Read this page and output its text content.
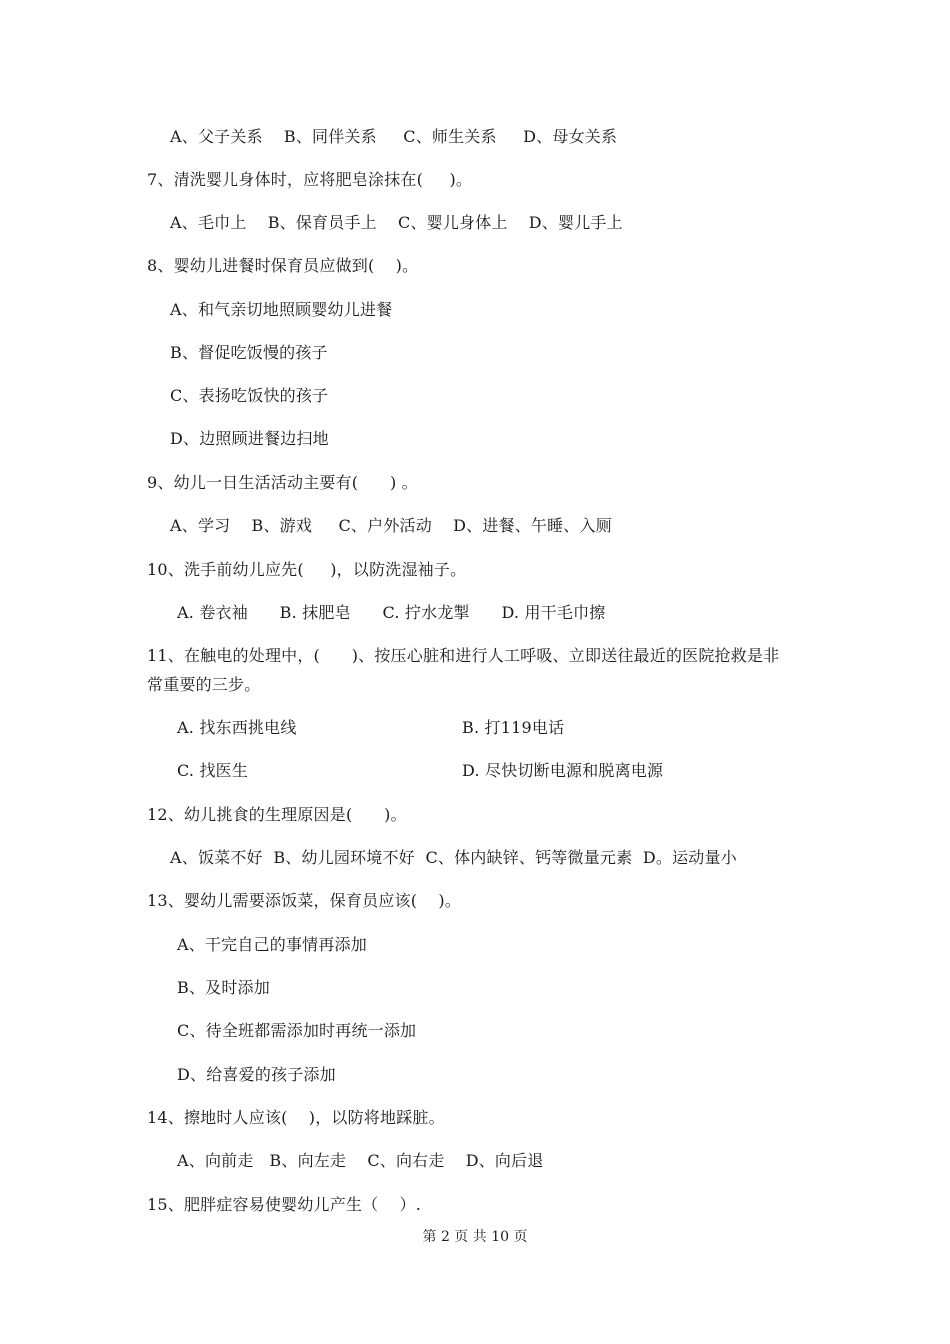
A、父子关系    B、同伴关系     C、师生关系     D、母女关系
7、清洗婴儿身体时，应将肥皂涂抹在(     )。
A、毛巾上    B、保育员手上    C、婴儿身体上    D、婴儿手上
8、婴幼儿进餐时保育员应做到(    )。
A、和气亲切地照顾婴幼儿进餐
B、督促吃饭慢的孩子
C、表扬吃饭快的孩子
D、边照顾进餐边扫地
9、幼儿一日生活活动主要有(      ) 。
A、学习    B、游戏     C、户外活动    D、进餐、午睡、入厕
10、洗手前幼儿应先(     )，以防洗湿袖子。
A. 卷衣袖      B. 抹肥皂      C. 拧水龙掣      D. 用干毛巾擦
11、在触电的处理中，(      )、按压心脏和进行人工呼吸、立即送往最近的医院抢救是非
常重要的三步。
A. 找东西挑电线	B. 打119电话
C. 找医生	D. 尽快切断电源和脱离电源
12、幼儿挑食的生理原因是(      )。
A、饭菜不好  B、幼儿园环境不好  C、体内缺锌、钙等微量元素  D。运动量小
13、婴幼儿需要添饭菜，保育员应该(    )。
A、干完自己的事情再添加
B、及时添加
C、待全班都需添加时再统一添加
D、给喜爱的孩子添加
14、擦地时人应该(    )，以防将地踩脏。
A、向前走   B、向左走    C、向右走    D、向后退
15、肥胖症容易使婴幼儿产生（    ）.
第 2 页 共 10 页
